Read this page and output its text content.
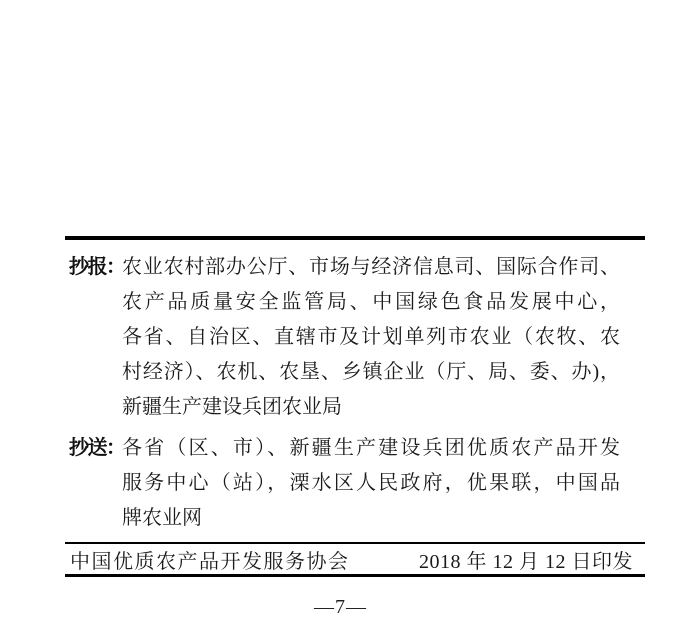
抄报：
农业农村部办公厅、市场与经济信息司、国际合作司、
农产品质量安全监管局、中国绿色食品发展中心，
各省、自治区、直辖市及计划单列市农业（农牧、农
村经济）、农机、农垦、乡镇企业（厅、局、委、办)，
新疆生产建设兵团农业局
抄送：
各省（区、市）、新疆生产建设兵团优质农产品开发
服务中心（站），溧水区人民政府，优果联，中国品
牌农业网
中国优质农产品开发服务协会	2018 年 12 月 12 日印发
—7—
